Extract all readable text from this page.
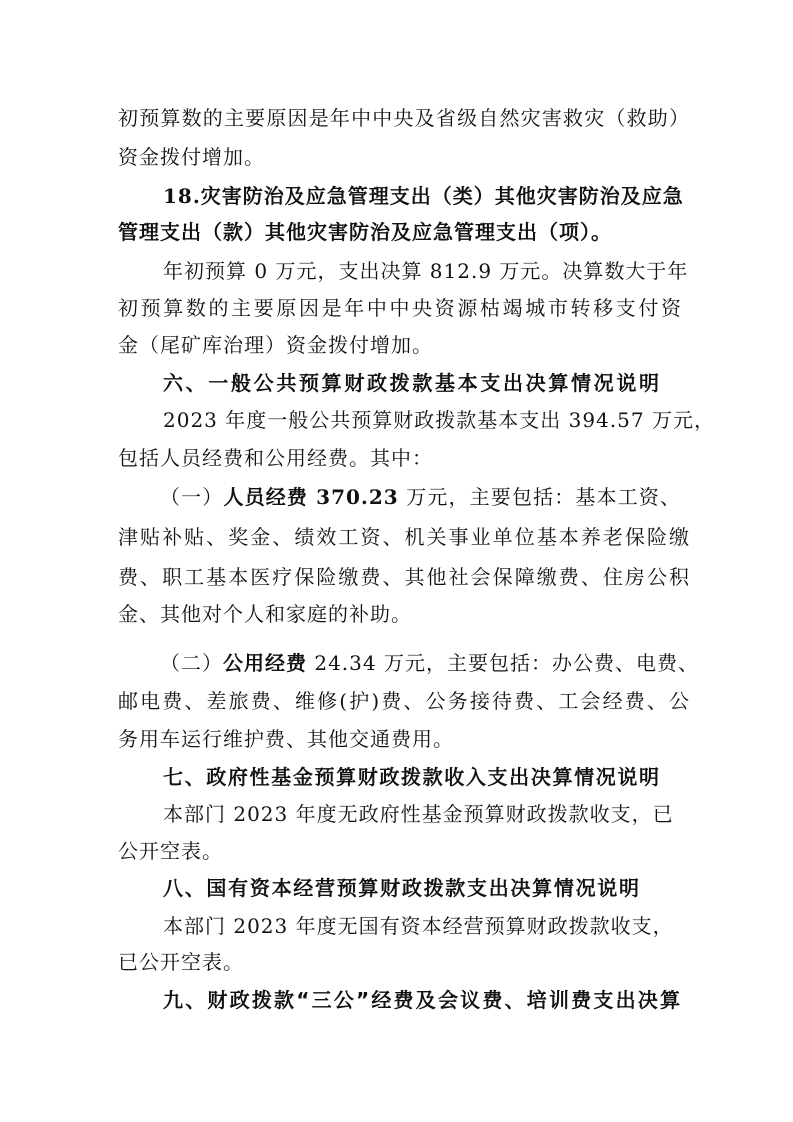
初预算数的主要原因是年中中央及省级自然灾害救灾（救助）
资金拨付增加。
18.灾害防治及应急管理支出（类）其他灾害防治及应急
管理支出（款）其他灾害防治及应急管理支出（项）。
年初预算 0 万元，支出决算 812.9 万元。决算数大于年
初预算数的主要原因是年中中央资源枯竭城市转移支付资
金（尾矿库治理）资金拨付增加。
六、一般公共预算财政拨款基本支出决算情况说明
2023 年度一般公共预算财政拨款基本支出 394.57 万元，
包括人员经费和公用经费。其中：
（一）人员经费 370.23 万元，主要包括：基本工资、
津贴补贴、奖金、绩效工资、机关事业单位基本养老保险缴
费、职工基本医疗保险缴费、其他社会保障缴费、住房公积
金、其他对个人和家庭的补助。
（二）公用经费 24.34 万元，主要包括：办公费、电费、
邮电费、差旅费、维修(护)费、公务接待费、工会经费、公
务用车运行维护费、其他交通费用。
七、政府性基金预算财政拨款收入支出决算情况说明
本部门 2023 年度无政府性基金预算财政拨款收支，已
公开空表。
八、国有资本经营预算财政拨款支出决算情况说明
本部门 2023 年度无国有资本经营预算财政拨款收支，
已公开空表。
九、财政拨款“三公”经费及会议费、培训费支出决算
